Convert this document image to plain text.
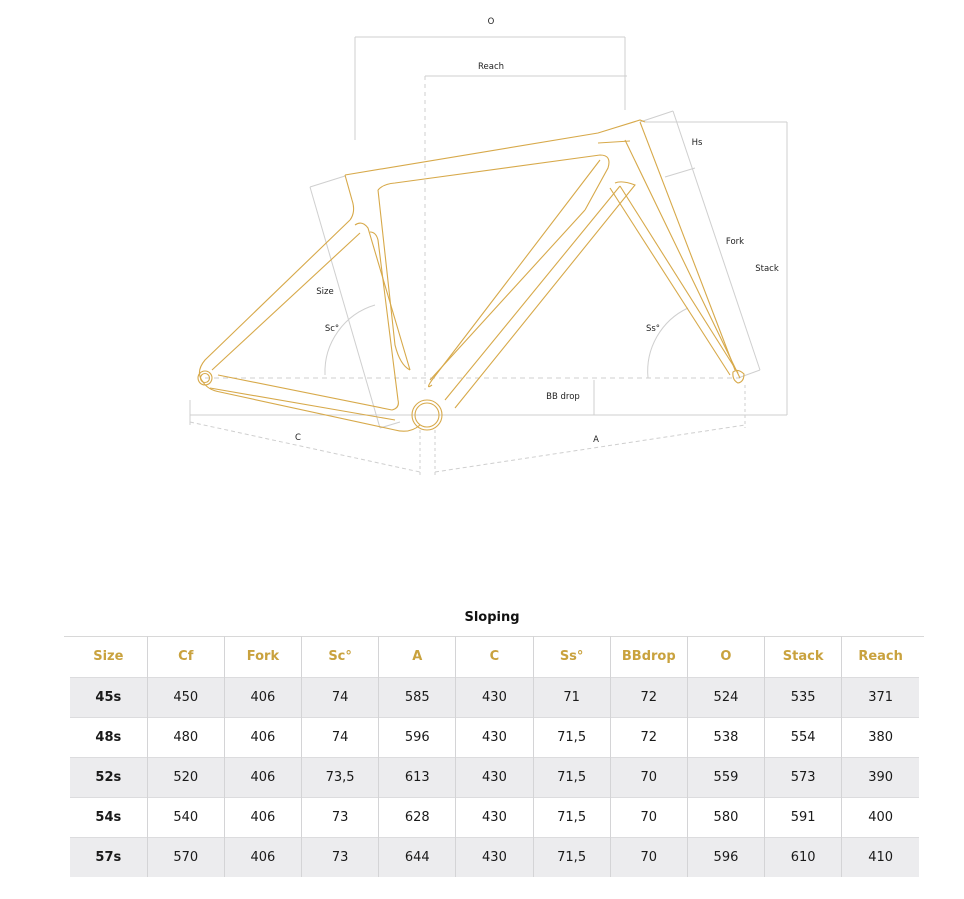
O
Reach
Hs
Fork
Stack
Size
Sc°	Ss°
BB drop
C	A
Sloping
Size	Cf	Fork	Sc°	A	C	Ss°	BBdrop	O	Stack	Reach
45s	450	406	74	585	430	71	72	524	535	371
48s	480	406	74	596	430	71,5	72	538	554	380
52s	520	406	73,5	613	430	71,5	70	559	573	390
54s	540	406	73	628	430	71,5	70	580	591	400
57s	570	406	73	644	430	71,5	70	596	610	410
